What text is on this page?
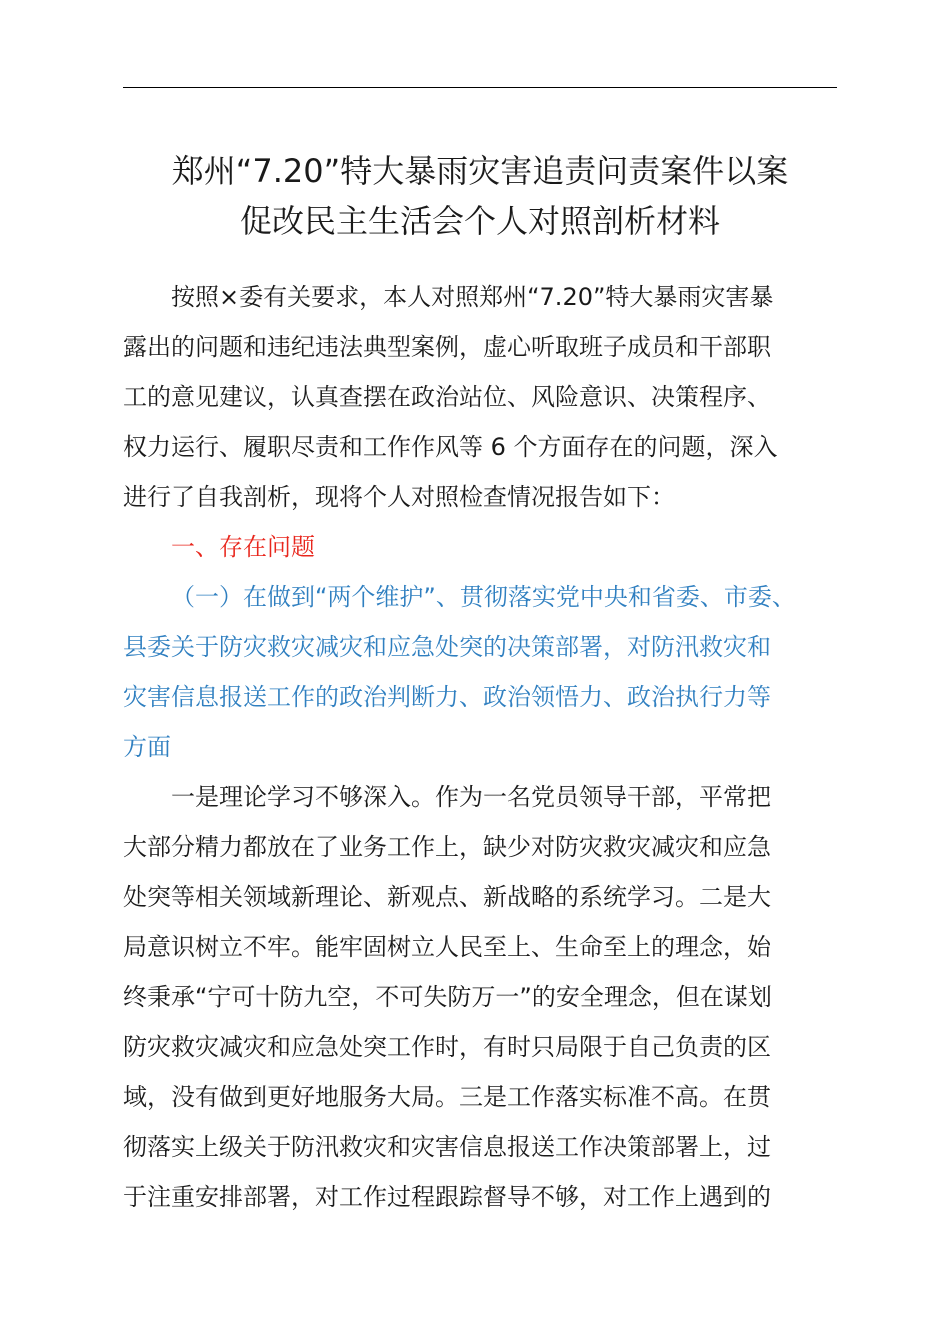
郑州“7.20”特大暴雨灾害追责问责案件以案
促改民主生活会个人对照剖析材料
按照×委有关要求，本人对照郑州“7.20”特大暴雨灾害暴
露出的问题和违纪违法典型案例，虚心听取班子成员和干部职
工的意见建议，认真查摆在政治站位、风险意识、决策程序、
权力运行、履职尽责和工作作风等 6 个方面存在的问题，深入
进行了自我剖析，现将个人对照检查情况报告如下：
一、存在问题
（一）在做到“两个维护”、贯彻落实党中央和省委、市委、
县委关于防灾救灾减灾和应急处突的决策部署，对防汛救灾和
灾害信息报送工作的政治判断力、政治领悟力、政治执行力等
方面
一是理论学习不够深入。作为一名党员领导干部，平常把
大部分精力都放在了业务工作上，缺少对防灾救灾减灾和应急
处突等相关领域新理论、新观点、新战略的系统学习。二是大
局意识树立不牢。能牢固树立人民至上、生命至上的理念，始
终秉承“宁可十防九空，不可失防万一”的安全理念，但在谋划
防灾救灾减灾和应急处突工作时，有时只局限于自己负责的区
域，没有做到更好地服务大局。三是工作落实标准不高。在贯
彻落实上级关于防汛救灾和灾害信息报送工作决策部署上，过
于注重安排部署，对工作过程跟踪督导不够，对工作上遇到的
